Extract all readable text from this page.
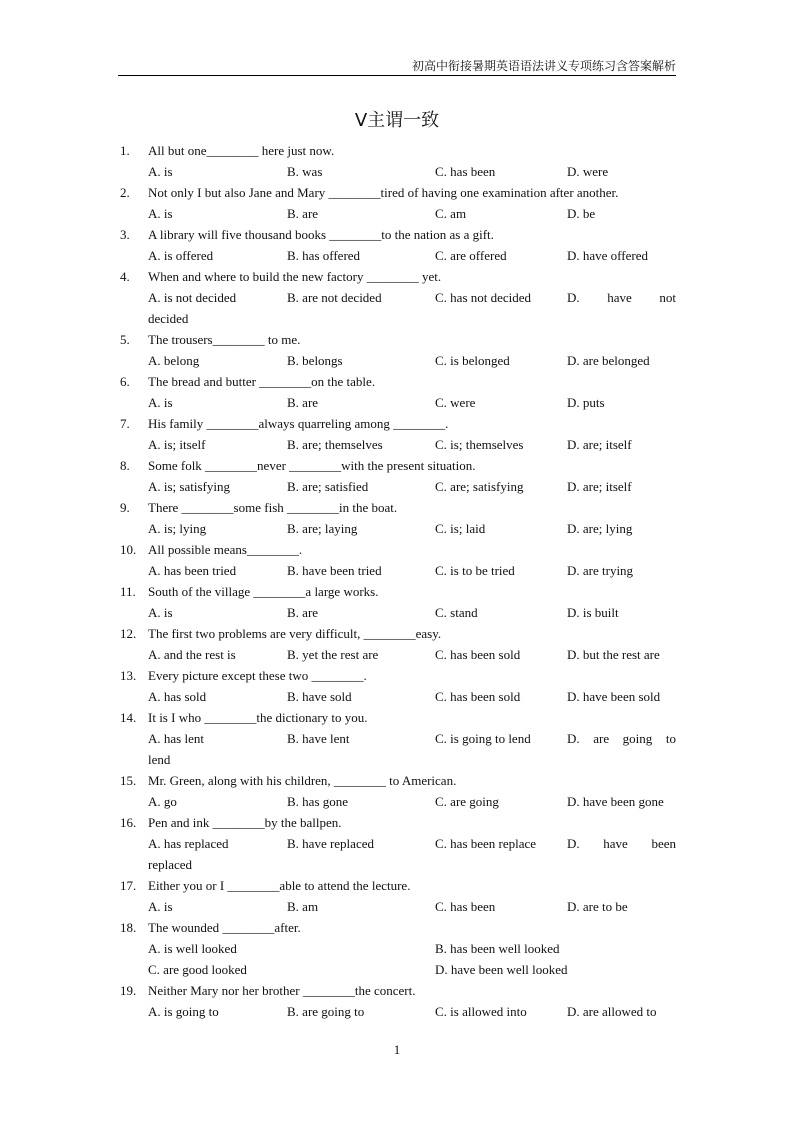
初高中衔接暑期英语语法讲义专项练习含答案解析
V主谓一致
1.	All but one________ here just now.
A. is	B. was	C. has been	D. were
2.	Not only I but also Jane and Mary ________tired of having one examination after another.
A. is	B. are	C. am	D. be
3.	A library will five thousand books ________to the nation as a gift.
A. is offered	B. has offered	C. are offered	D. have offered
4.	When and where to build the new factory ________ yet.
A. is not decided	B. are not decided	C. has not decided	D. have not
decided
5.	The trousers________ to me.
A. belong	B. belongs	C. is belonged	D. are belonged
6.	The bread and butter ________on the table.
A. is	B. are	C. were	D. puts
7.	His family ________always quarreling among ________.
A. is; itself	B. are; themselves	C. is; themselves	D. are; itself
8.	Some folk ________never ________with the present situation.
A. is; satisfying	B. are; satisfied	C. are; satisfying	D. are; itself
9.	There ________some fish ________in the boat.
A. is; lying	B. are; laying	C. is; laid	D. are; lying
10. All possible means________.
A. has been tried	B. have been tried	C. is to be tried	D. are trying
11. South of the village ________a large works.
A. is	B. are	C. stand	D. is built
12. The first two problems are very difficult, ________easy.
A. and the rest is	B. yet the rest are	C. has been sold	D. but the rest are
13. Every picture except these two ________.
A. has sold	B. have sold	C. has been sold	D. have been sold
14. It is I who ________the dictionary to you.
A. has lent	B. have lent	C. is going to lend	D. are going to
lend
15. Mr. Green, along with his children, ________ to American.
A. go	B. has gone	C. are going	D. have been gone
16. Pen and ink ________by the ballpen.
A. has replaced	B. have replaced	C. has been replace D. have been
replaced
17. Either you or I ________able to attend the lecture.
A. is	B. am	C. has been	D. are to be
18. The wounded ________after.
A. is well looked	B. has been well looked
C. are good looked	D. have been well looked
19. Neither Mary nor her brother ________the concert.
A. is going to	B. are going to	C. is allowed into	D. are allowed to
1
